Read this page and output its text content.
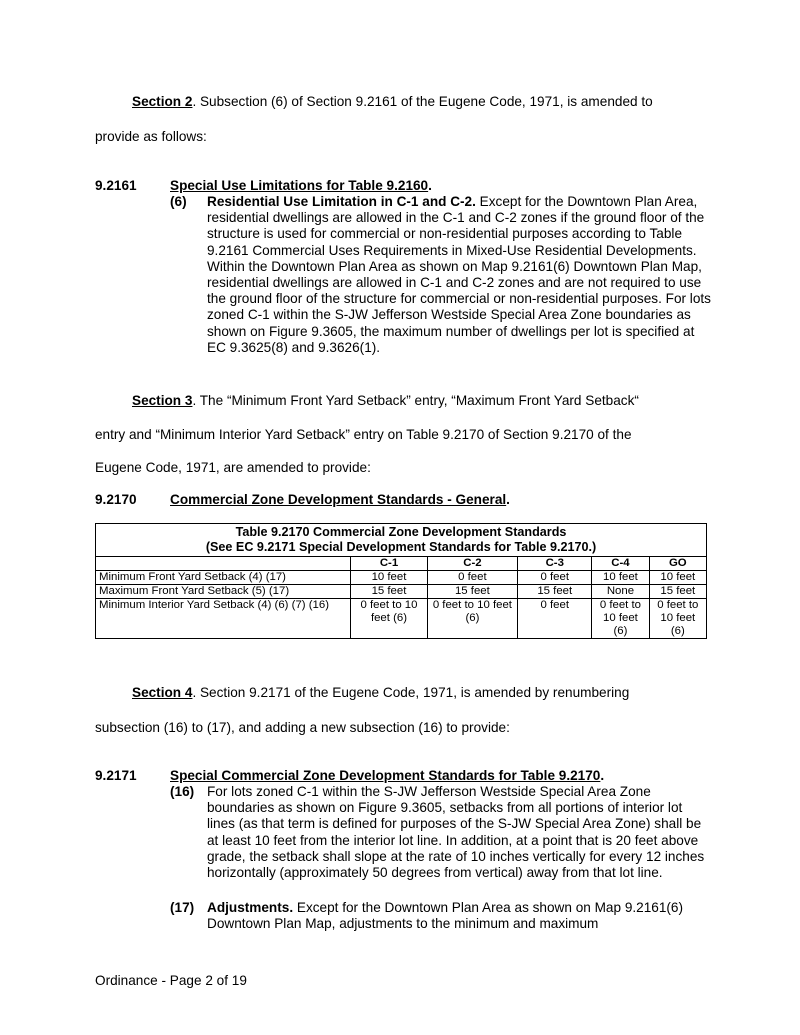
Section 2. Subsection (6) of Section 9.2161 of the Eugene Code, 1971, is amended to
provide as follows:
9.2161 Special Use Limitations for Table 9.2160.
(6) Residential Use Limitation in C-1 and C-2. Except for the Downtown Plan Area, residential dwellings are allowed in the C-1 and C-2 zones if the ground floor of the structure is used for commercial or non-residential purposes according to Table 9.2161 Commercial Uses Requirements in Mixed-Use Residential Developments. Within the Downtown Plan Area as shown on Map 9.2161(6) Downtown Plan Map, residential dwellings are allowed in C-1 and C-2 zones and are not required to use the ground floor of the structure for commercial or non-residential purposes. For lots zoned C-1 within the S-JW Jefferson Westside Special Area Zone boundaries as shown on Figure 9.3605, the maximum number of dwellings per lot is specified at EC 9.3625(8) and 9.3626(1).
Section 3. The “Minimum Front Yard Setback” entry, “Maximum Front Yard Setback“
entry and “Minimum Interior Yard Setback” entry on Table 9.2170 of Section 9.2170 of the
Eugene Code, 1971, are amended to provide:
9.2170 Commercial Zone Development Standards - General.
Table 9.2170 Commercial Zone Development Standards
(See EC 9.2171 Special Development Standards for Table 9.2170.)					

	C-1	C-2	C-3	C-4	GO
Minimum Front Yard Setback (4) (17)	10 feet	0 feet	0 feet	10 feet	10 feet
Maximum Front Yard Setback (5) (17)	15 feet	15 feet	15 feet	None	15 feet
Minimum Interior Yard Setback (4) (6) (7) (16)	0 feet to 10 feet (6)	0 feet to 10 feet (6)	0 feet	0 feet to 10 feet (6)	0 feet to 10 feet (6)
Section 4. Section 9.2171 of the Eugene Code, 1971, is amended by renumbering
subsection (16) to (17), and adding a new subsection (16) to provide:
9.2171 Special Commercial Zone Development Standards for Table 9.2170.
(16) For lots zoned C-1 within the S-JW Jefferson Westside Special Area Zone boundaries as shown on Figure 9.3605, setbacks from all portions of interior lot lines (as that term is defined for purposes of the S-JW Special Area Zone) shall be at least 10 feet from the interior lot line. In addition, at a point that is 20 feet above grade, the setback shall slope at the rate of 10 inches vertically for every 12 inches horizontally (approximately 50 degrees from vertical) away from that lot line.
(17) Adjustments. Except for the Downtown Plan Area as shown on Map 9.2161(6) Downtown Plan Map, adjustments to the minimum and maximum
Ordinance - Page 2 of 19
